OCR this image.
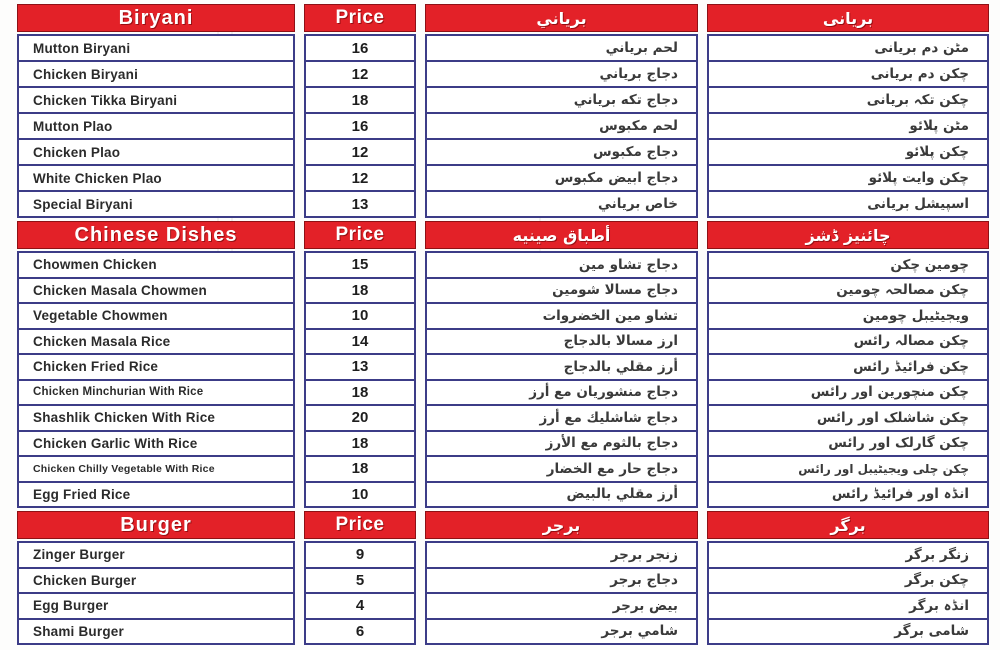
Biryani
Mutton Biryani
Chicken Biryani
Chicken Tikka Biryani
Mutton Plao
Chicken Plao
White Chicken Plao
Special Biryani
Chinese Dishes
Chowmen Chicken
Chicken Masala Chowmen
Vegetable Chowmen
Chicken Masala Rice
Chicken Fried Rice
Chicken Minchurian With Rice
Shashlik Chicken With Rice
Chicken Garlic With Rice
Chicken Chilly Vegetable With Rice
Egg Fried Rice
Burger
Zinger Burger
Chicken Burger
Egg Burger
Shami Burger
Price
16
12
18
16
12
12
13
Price
15
18
10
14
13
18
20
18
18
10
Price
9
5
4
6
برياني
لحم برياني
دجاج برياني
دجاج تكه برياني
لحم مكبوس
دجاج مكبوس
دجاج ابيض مكبوس
خاص برياني
أطباق صينيه
دجاج تشاو مين
دجاج مسالا شومين
تشاو مين الخضروات
ارز مسالا بالدجاج
أرز مقلي بالدجاج
دجاج منشوريان مع أرز
دجاج شاشليك مع أرز
دجاج بالثوم مع الأرز
دجاج حار مع الخضار
أرز مقلي بالبيض
برجر
زنجر برجر
دجاج برجر
بيض برجر
شامي برجر
بریانی
مٹن دم بریانی
چکن دم بریانی
چکن تکہ بریانی
مٹن پلائو
چکن پلائو
چکن وایت پلائو
اسپیشل بریانی
چائنیز ڈشز
چومین چکن
چکن مصالحہ چومین
ویجیٹیبل چومین
چکن مصالہ رائس
چکن فرائیڈ رائس
چکن منچورین اور رائس
چکن شاشلک اور رائس
چکن گارلک اور رائس
چکن چلی ویجیٹیبل اور رائس
انڈہ اور فرائیڈ رائس
برگر
زنگر برگر
چکن برگر
انڈہ برگر
شامی برگر
